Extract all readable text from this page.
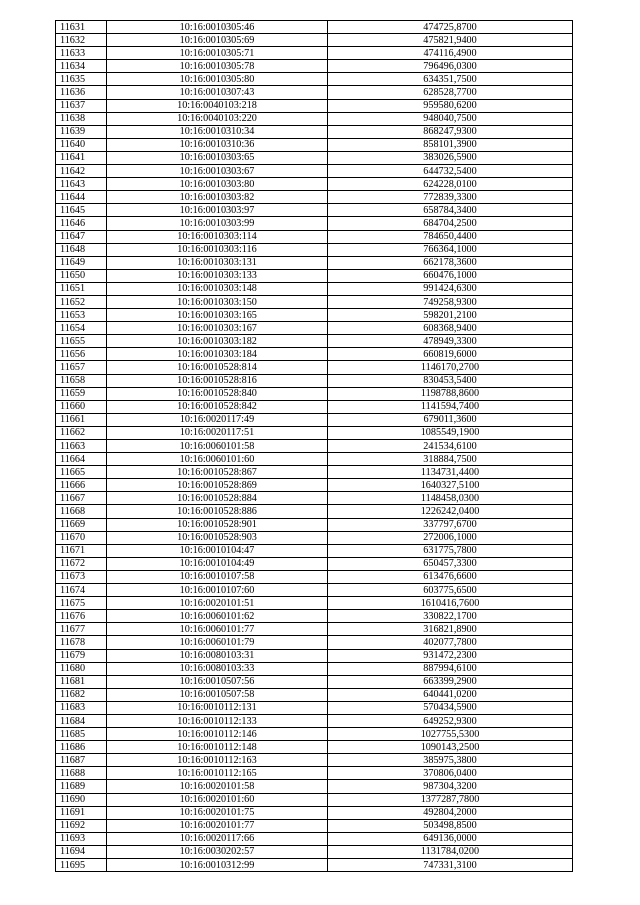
11631	10:16:0010305:46	474725,8700
11632	10:16:0010305:69	475821,9400
11633	10:16:0010305:71	474116,4900
11634	10:16:0010305:78	796496,0300
11635	10:16:0010305:80	634351,7500
11636	10:16:0010307:43	628528,7700
11637	10:16:0040103:218	959580,6200
11638	10:16:0040103:220	948040,7500
11639	10:16:0010310:34	868247,9300
11640	10:16:0010310:36	858101,3900
11641	10:16:0010303:65	383026,5900
11642	10:16:0010303:67	644732,5400
11643	10:16:0010303:80	624228,0100
11644	10:16:0010303:82	772839,3300
11645	10:16:0010303:97	658784,3400
11646	10:16:0010303:99	684704,2500
11647	10:16:0010303:114	784650,4400
11648	10:16:0010303:116	766364,1000
11649	10:16:0010303:131	662178,3600
11650	10:16:0010303:133	660476,1000
11651	10:16:0010303:148	991424,6300
11652	10:16:0010303:150	749258,9300
11653	10:16:0010303:165	598201,2100
11654	10:16:0010303:167	608368,9400
11655	10:16:0010303:182	478949,3300
11656	10:16:0010303:184	660819,6000
11657	10:16:0010528:814	1146170,2700
11658	10:16:0010528:816	830453,5400
11659	10:16:0010528:840	1198788,8600
11660	10:16:0010528:842	1141594,7400
11661	10:16:0020117:49	679011,3600
11662	10:16:0020117:51	1085549,1900
11663	10:16:0060101:58	241534,6100
11664	10:16:0060101:60	318884,7500
11665	10:16:0010528:867	1134731,4400
11666	10:16:0010528:869	1640327,5100
11667	10:16:0010528:884	1148458,0300
11668	10:16:0010528:886	1226242,0400
11669	10:16:0010528:901	337797,6700
11670	10:16:0010528:903	272006,1000
11671	10:16:0010104:47	631775,7800
11672	10:16:0010104:49	650457,3300
11673	10:16:0010107:58	613476,6600
11674	10:16:0010107:60	603775,6500
11675	10:16:0020101:51	1610416,7600
11676	10:16:0060101:62	330822,1700
11677	10:16:0060101:77	316821,8900
11678	10:16:0060101:79	402077,7800
11679	10:16:0080103:31	931472,2300
11680	10:16:0080103:33	887994,6100
11681	10:16:0010507:56	663399,2900
11682	10:16:0010507:58	640441,0200
11683	10:16:0010112:131	570434,5900
11684	10:16:0010112:133	649252,9300
11685	10:16:0010112:146	1027755,5300
11686	10:16:0010112:148	1090143,2500
11687	10:16:0010112:163	385975,3800
11688	10:16:0010112:165	370806,0400
11689	10:16:0020101:58	987304,3200
11690	10:16:0020101:60	1377287,7800
11691	10:16:0020101:75	492804,2000
11692	10:16:0020101:77	503498,8500
11693	10:16:0020117:66	649136,0000
11694	10:16:0030202:57	1131784,0200
11695	10:16:0010312:99	747331,3100
